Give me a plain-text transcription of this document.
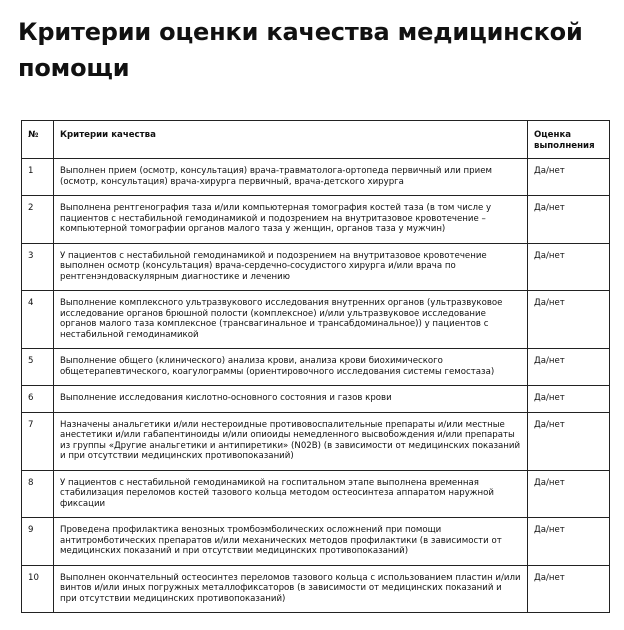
Критерии оценки качества медицинской помощи
№	Критерии качества	Оценка выполнения
1	Выполнен прием (осмотр, консультация) врача-травматолога-ортопеда первичный или прием (осмотр, консультация) врача-хирурга первичный, врача-детского хирурга	Да/нет
2	Выполнена рентгенография таза и/или компьютерная томография костей таза (в том числе у пациентов с нестабильной гемодинамикой и подозрением на внутритазовое кровотечение – компьютерной томографии органов малого таза у женщин, органов таза у мужчин)	Да/нет
3	У пациентов с нестабильной гемодинамикой и подозрением на внутритазовое кровотечение выполнен осмотр (консультация) врача-сердечно-сосудистого хирурга и/или врача по рентгенэндоваскулярным диагностике и лечению	Да/нет
4	Выполнение комплексного ультразвукового исследования внутренних органов (ультразвуковое исследование органов брюшной полости (комплексное) и/или ультразвуковое исследование органов малого таза комплексное (трансвагинальное и трансабдоминальное)) у пациентов с нестабильной гемодинамикой	Да/нет
5	Выполнение общего (клинического) анализа крови, анализа крови биохимического общетерапевтического, коагулограммы (ориентировочного исследования системы гемостаза)	Да/нет
6	Выполнение исследования кислотно-основного состояния и газов крови	Да/нет
7	Назначены анальгетики и/или нестероидные противовоспалительные препараты и/или местные анестетики и/или габапентиноиды и/или опиоиды немедленного высвобождения и/или препараты из группы «Другие анальгетики и антипиретики» (N02B) (в зависимости от медицинских показаний и при отсутствии медицинских противопоказаний)	Да/нет
8	У пациентов с нестабильной гемодинамикой на госпитальном этапе выполнена временная стабилизация переломов костей тазового кольца методом остеосинтеза аппаратом наружной фиксации	Да/нет
9	Проведена профилактика венозных тромбоэмболических осложнений при помощи антитромботических препаратов и/или механических методов профилактики (в зависимости от медицинских показаний и при отсутствии медицинских противопоказаний)	Да/нет
10	Выполнен окончательный остеосинтез переломов тазового кольца с использованием пластин и/или винтов и/или иных погружных металлофиксаторов (в зависимости от медицинских показаний и при отсутствии медицинских противопоказаний)	Да/нет
